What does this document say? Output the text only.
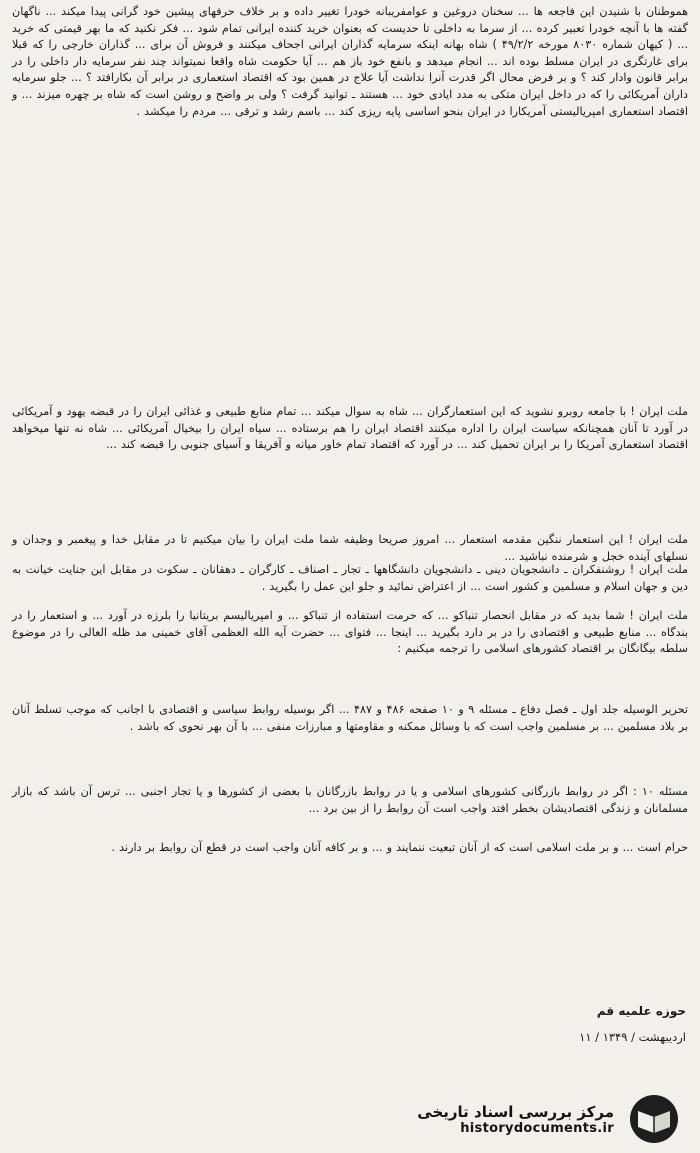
هموطنان با شنیدن این فاجعه ها ... سخنان دروغین و عوامفریبانه خودرا تغییر داده و بر خلاف حرفهای پیشین خود گرانی پیدا میکند ... ناگهان گفته ها با آنچه خودرا تعبیر کرده ... از سرما به داخلی تا حدیست که بعنوان خرید کننده ایرانی تمام شود ... فکر نکنید که ما بهر قیمتی که خرید ... ( کیهان شماره ۸۰۳۰ مورخه ۴۹/۲/۲ ) شاه بهانه اینکه سرمایه گذاران ایرانی اجحاف میکنند و فروش آن برای ... گذاران خارجی را که قبلا برای غارتگری در ایران مسلط بوده اند ... انجام میدهد و بانفع خود باز هم ... آیا حکومت شاه واقعا نمیتواند چند نفر سرمایه دار داخلی را در برابر قانون وادار کند ؟ و بر فرض محال اگر قدرت آنرا نداشت آیا علاج در همین بود که اقتصاد استعماری در برابر آن بکارافتد ؟ ... جلو سرمایه داران آمریکائی را که در داخل ایران متکی به مدد ایادی خود ... هستند ـ توانید گرفت ؟ ولی بر واضح و روشن است که شاه بر چهره میزند ... و اقتصاد استعماری امپریالیستی آمریکارا در ایران بنحو اساسی پایه ریزی کند ... باسم رشد و ترقی ... مردم را میکشد .

ملت ایران ! با جامعه روبرو نشوید که این استعمارگران ... شاه به سوال میکند ... تمام منابع طبیعی و غذائی ایران را در قبضه یهود و آمریکائی در آورد تا آنان همچنانکه سیاست ایران را اداره میکنند اقتصاد ایران را هم برستاده ... سیاه ایران را بیخیال آمریکائی ... شاه نه تنها میخواهد اقتصاد استعماری آمریکا را بر ایران تحمیل کند ... در آورد که اقتصاد تمام خاور میانه و آفریقا و آسیای جنوبی را قبضه کند ...

ملت ایران ! این استعمار ننگین مقدمه استعمار ... امروز صریحا وظیفه شما ملت ایران را بیان میکنیم تا در مقابل خدا و پیغمبر و وجدان و نسلهای آینده خجل و شرمنده نباشید ...

ملت ایران ! روشنفکران ـ دانشجویان دینی ـ دانشجویان دانشگاهها ـ تجار ـ اصناف ـ کارگران ـ دهقانان ـ سکوت در مقابل این جنایت خیانت به دین و جهان اسلام و مسلمین و کشور است ... از اعتراض نمائید و جلو این عمل را بگیرید .

ملت ایران ! شما بدید که در مقابل انحصار تنباکو ... که حرمت استفاده از تنباکو ... و امپریالیسم بریتانیا را بلرزه در آورد ... و استعمار را در بندگاه ... منابع طبیعی و اقتصادی را در بر دارد بگیرید ... اینجا ... فتوای ... حضرت آیه الله العظمی آقای خمینی مد ظله العالی را در موضوع سلطه بیگانگان بر اقتصاد کشورهای اسلامی را ترجمه میکنیم :

تحریر الوسیله جلد اول ـ فصل دفاع ـ مسئله ۹ و ۱۰ صفحه ۴۸۶ و ۴۸۷ ... اگر بوسیله روابط سیاسی و اقتصادی با اجانب که موجب تسلط آنان بر بلاد مسلمین ... بر مسلمین واجب است که با وسائل ممکنه و مقاومتها و مبارزات منفی ... با آن بهر نحوی که باشد .

مسئله ۱۰ : اگر در روابط بازرگانی کشورهای اسلامی و یا در روابط بازرگانان با بعضی از کشورها و یا تجار اجنبی ... ترس آن باشد که بازار مسلمانان و زندگی اقتصادیشان بخطر افتد واجب است آن روابط را از بین برد ...

حرام است ... و بر ملت اسلامی است که از آنان تبعیت ننمایند و ... و بر کافه آنان واجب است در قطع آن روابط بر دارند .

حوزه علمیه قم
۱۱ / اردیبهشت / ۱۳۴۹
مرکز بررسی اسناد تاریخی
historydocuments.ir
